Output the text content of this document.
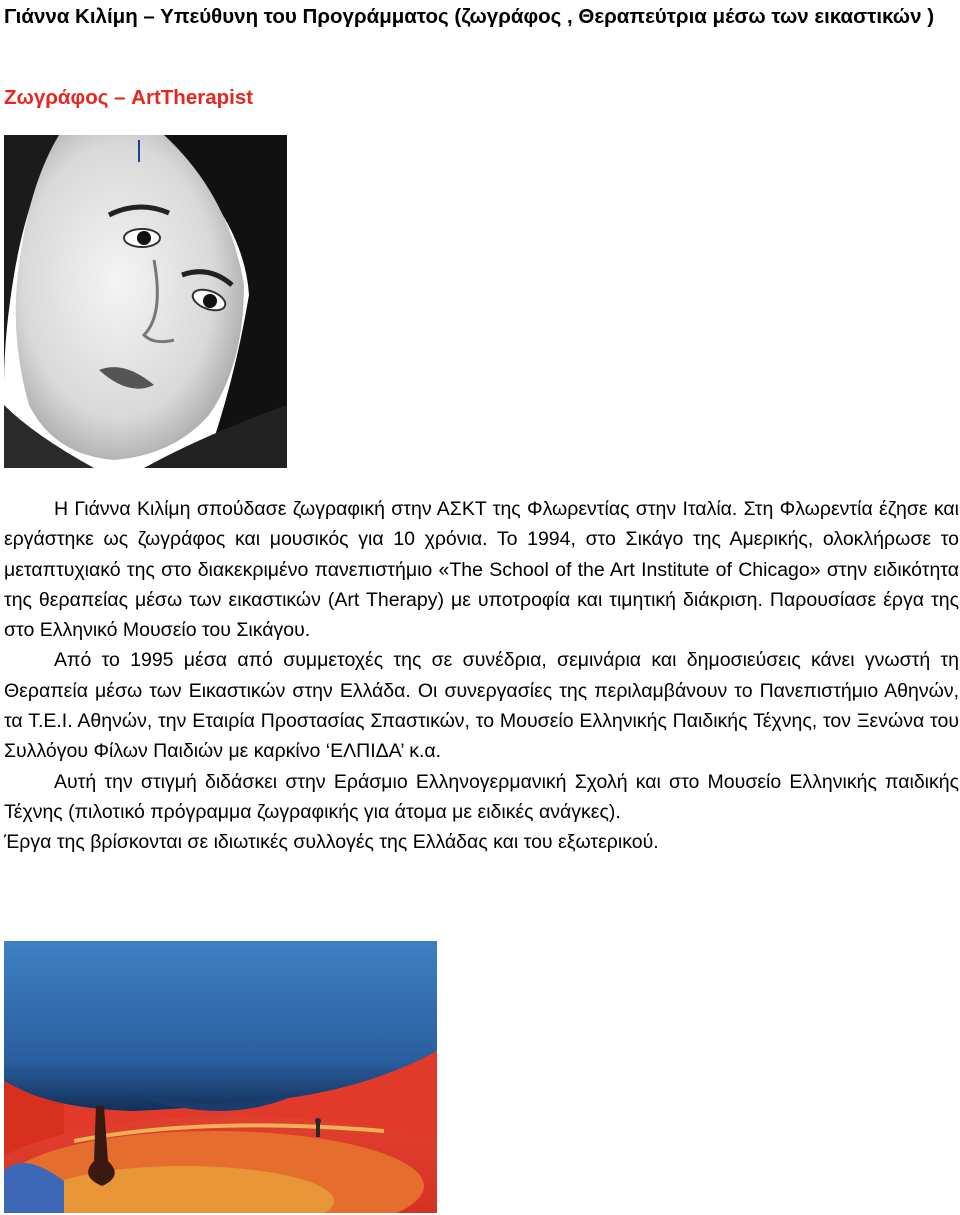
Γιάννα Κιλίμη – Υπεύθυνη του Προγράμματος (ζωγράφος , Θεραπεύτρια μέσω των εικαστικών )
Ζωγράφος – ArtTherapist

Η Γιάννα Κιλίμη σπούδασε ζωγραφική στην ΑΣΚΤ της Φλωρεντίας στην Ιταλία. Στη Φλωρεντία έζησε και εργάστηκε ως ζωγράφος και μουσικός για 10 χρόνια. Το 1994, στο Σικάγο της Αμερικής, ολοκλήρωσε το μεταπτυχιακό της στο διακεκριμένο πανεπιστήμιο «The School of the Art Institute of Chicago» στην ειδικότητα της θεραπείας μέσω των εικαστικών (Art Therapy) με υποτροφία και τιμητική διάκριση. Παρουσίασε έργα της στο Ελληνικό Μουσείο του Σικάγου.

Από το 1995 μέσα από συμμετοχές της σε συνέδρια, σεμινάρια και δημοσιεύσεις κάνει γνωστή τη Θεραπεία μέσω των Εικαστικών στην Ελλάδα. Οι συνεργασίες της περιλαμβάνουν το Πανεπιστήμιο Αθηνών, τα Τ.Ε.Ι. Αθηνών, την Εταιρία Προστασίας Σπαστικών, το Μουσείο Ελληνικής Παιδικής Τέχνης, τον Ξενώνα του Συλλόγου Φίλων Παιδιών με καρκίνο ‘ΕΛΠΙΔΑ’ κ.α.

Αυτή την στιγμή διδάσκει στην Εράσμιο Ελληνογερμανική Σχολή και στο Μουσείο Ελληνικής παιδικής Τέχνης (πιλοτικό πρόγραμμα ζωγραφικής για άτομα με ειδικές ανάγκες).

Έργα της βρίσκονται σε ιδιωτικές συλλογές της Ελλάδας και του εξωτερικού.
